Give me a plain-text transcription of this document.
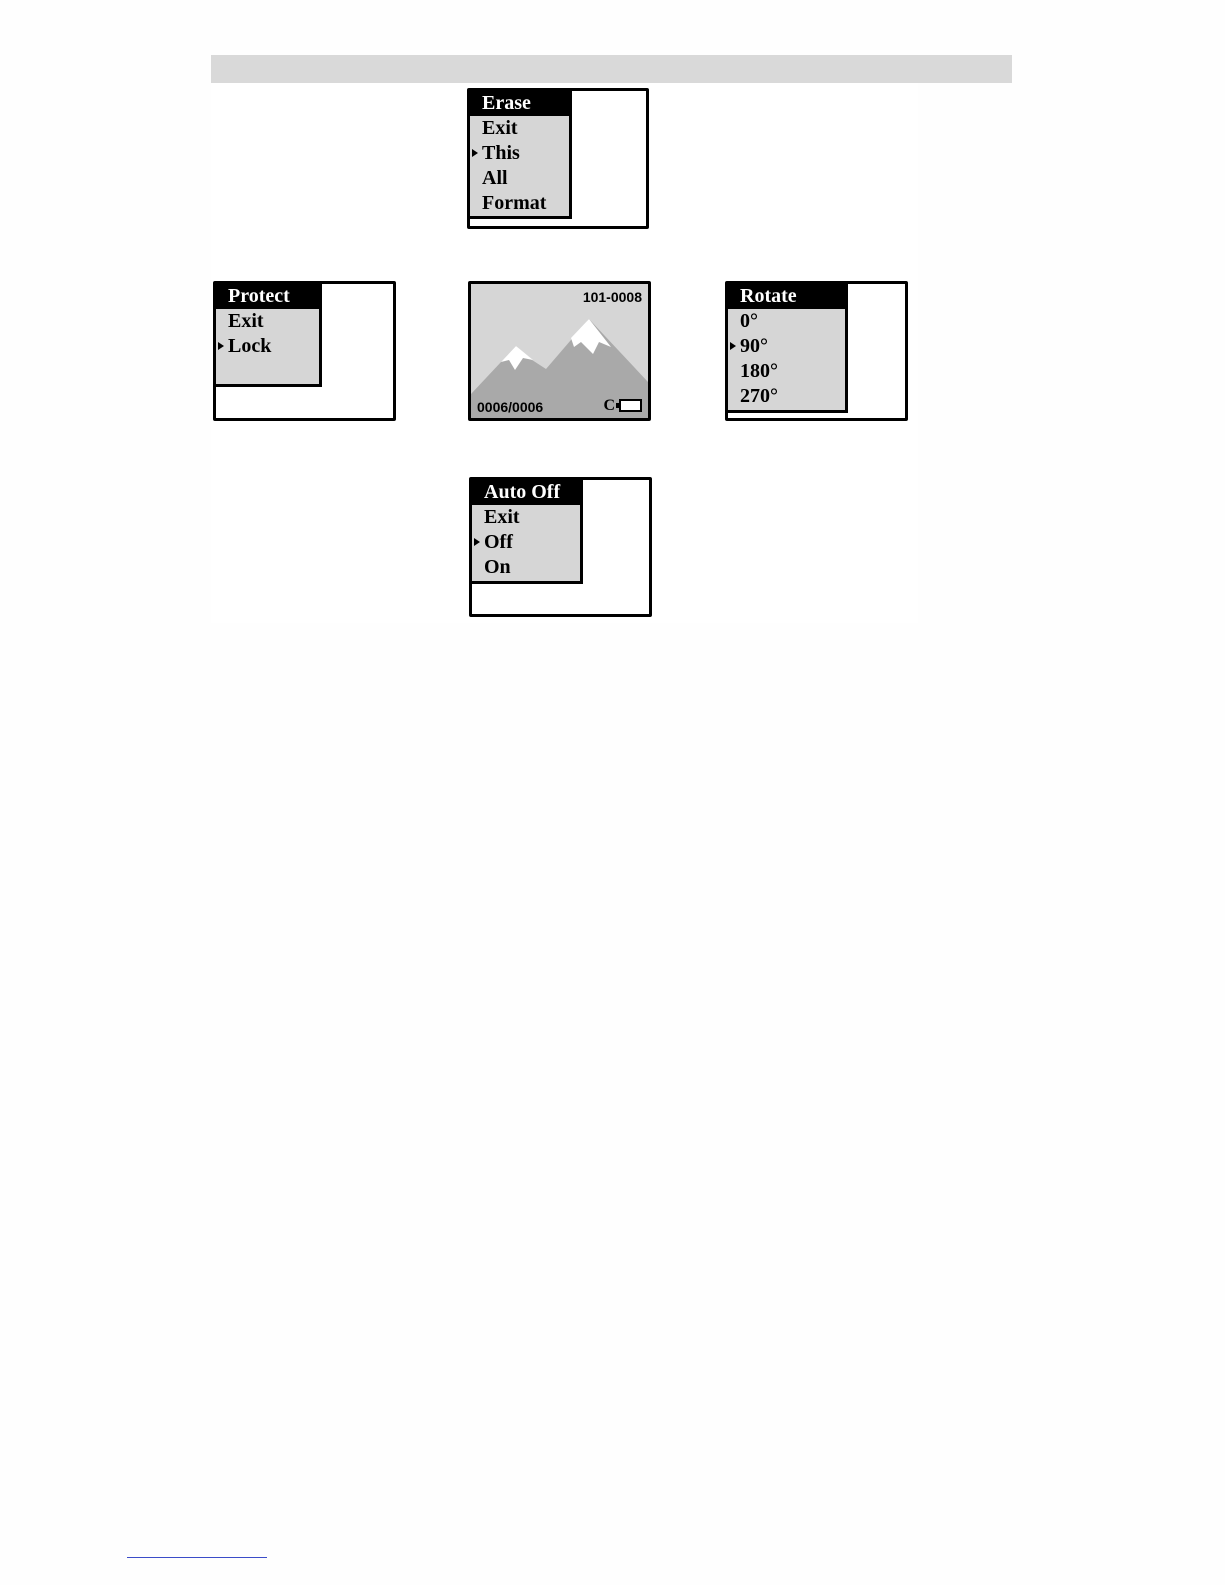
Erase
Exit
This
All
Format
Protect
Exit
Lock
101-0008
0006/0006	C
Rotate
0°
90°
180°
270°
Auto Off
Exit
Off
On
